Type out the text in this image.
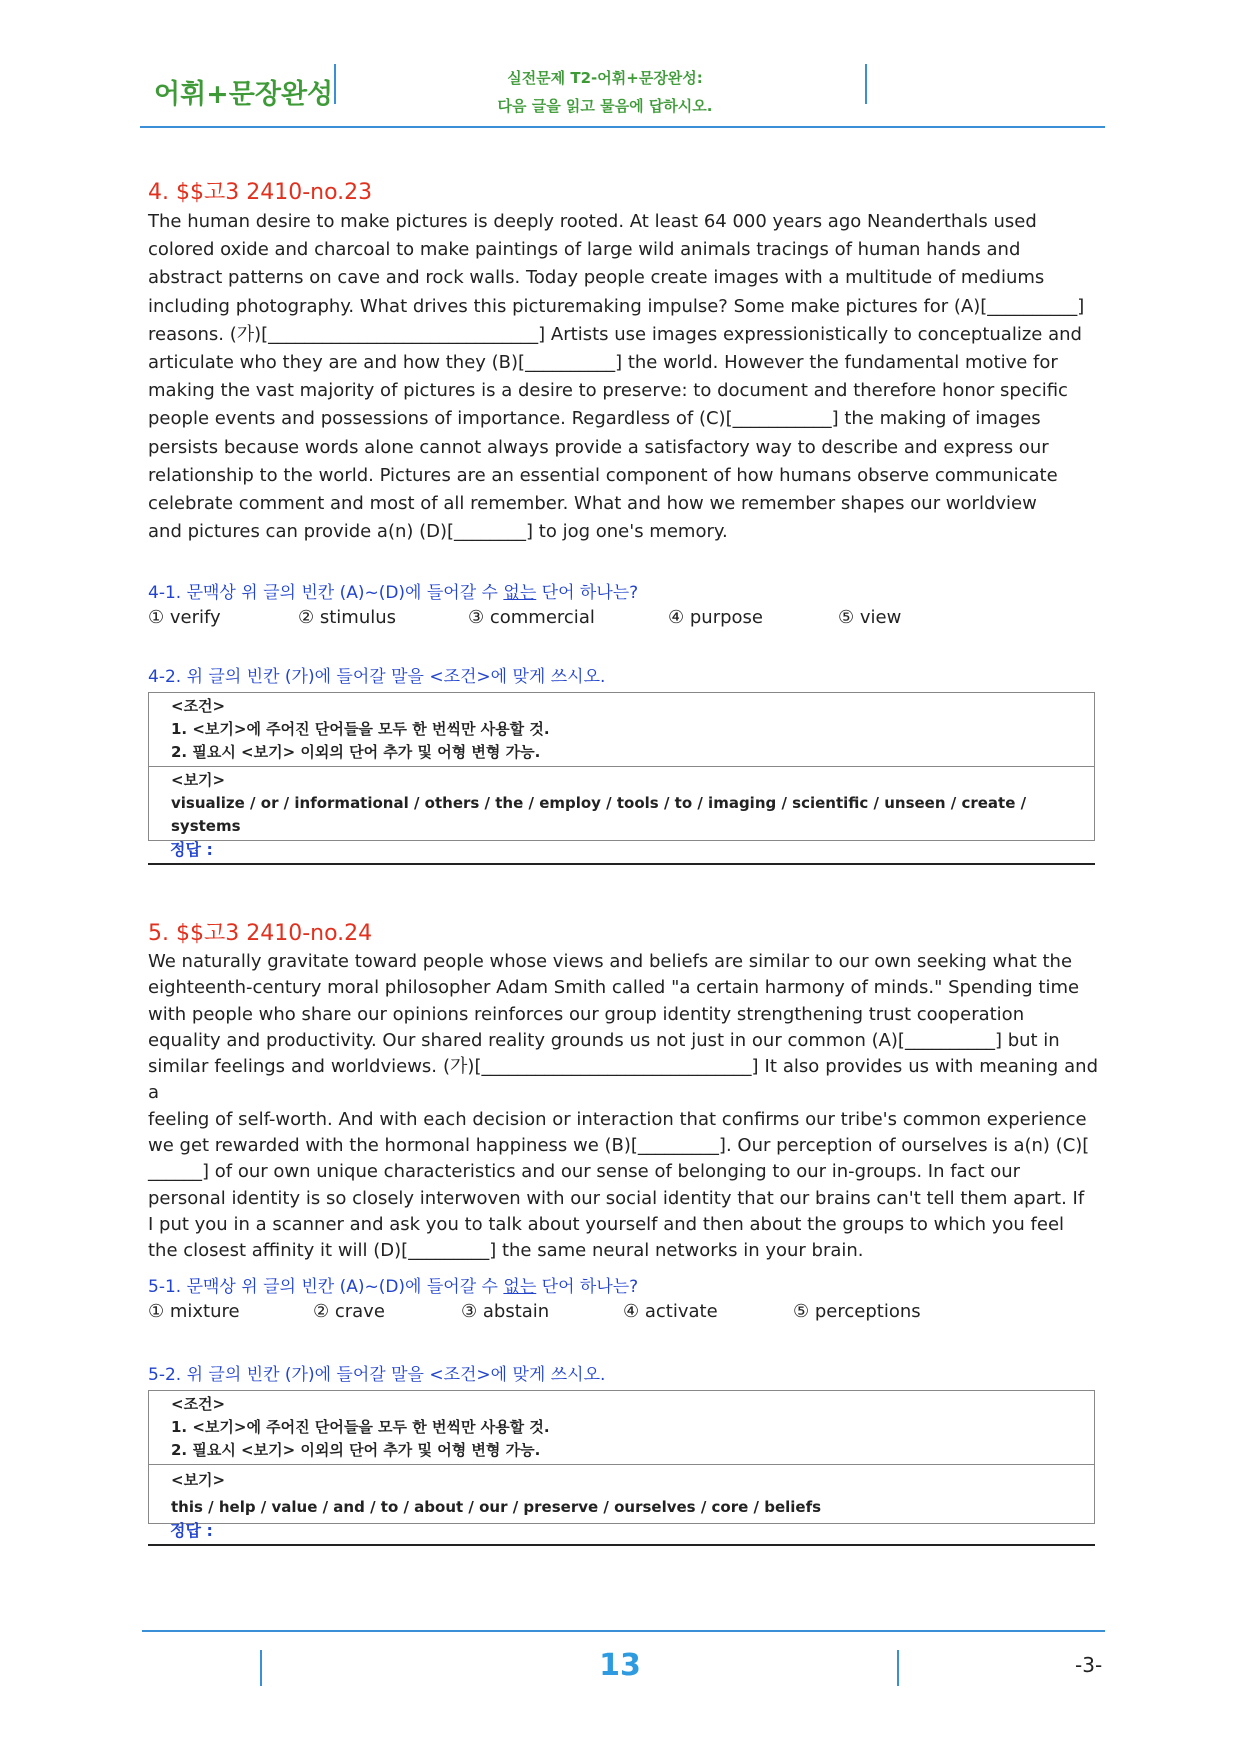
어휘+문장완성
실전문제 T2-어휘+문장완성:
다음 글을 읽고 물음에 답하시오.
4. $$고3 2410-no.23
The human desire to make pictures is deeply rooted. At least 64 000 years ago Neanderthals used
colored oxide and charcoal to make paintings of large wild animals tracings of human hands and
abstract patterns on cave and rock walls. Today people create images with a multitude of mediums
including photography. What drives this picturemaking impulse? Some make pictures for (A)[__________]
reasons. (가)[______________________________] Artists use images expressionistically to conceptualize and
articulate who they are and how they (B)[__________] the world. However the fundamental motive for
making the vast majority of pictures is a desire to preserve: to document and therefore honor specific
people events and possessions of importance. Regardless of (C)[___________] the making of images
persists because words alone cannot always provide a satisfactory way to describe and express our
relationship to the world. Pictures are an essential component of how humans observe communicate
celebrate comment and most of all remember. What and how we remember shapes our worldview
and pictures can provide a(n) (D)[________] to jog one's memory.
4-1. 문맥상 위 글의 빈칸 (A)~(D)에 들어갈 수 없는 단어 하나는?
① verify	② stimulus	③ commercial	④ purpose	⑤ view
4-2. 위 글의 빈칸 (가)에 들어갈 말을 <조건>에 맞게 쓰시오.
<조건>
1. <보기>에 주어진 단어들을 모두 한 번씩만 사용할 것.
2. 필요시 <보기> 이외의 단어 추가 및 어형 변형 가능.
<보기>
visualize / or / informational / others / the / employ / tools / to / imaging / scientific / unseen / create / systems
정답 :
5. $$고3 2410-no.24
We naturally gravitate toward people whose views and beliefs are similar to our own seeking what the
eighteenth-century moral philosopher Adam Smith called "a certain harmony of minds." Spending time
with people who share our opinions reinforces our group identity strengthening trust cooperation
equality and productivity. Our shared reality grounds us not just in our common (A)[__________] but in
similar feelings and worldviews. (가)[______________________________] It also provides us with meaning and a
feeling of self-worth. And with each decision or interaction that confirms our tribe's common experience
we get rewarded with the hormonal happiness we (B)[_________]. Our perception of ourselves is a(n) (C)[
______] of our own unique characteristics and our sense of belonging to our in-groups. In fact our
personal identity is so closely interwoven with our social identity that our brains can't tell them apart. If
I put you in a scanner and ask you to talk about yourself and then about the groups to which you feel
the closest affinity it will (D)[_________] the same neural networks in your brain.
5-1. 문맥상 위 글의 빈칸 (A)~(D)에 들어갈 수 없는 단어 하나는?
① mixture	② crave	③ abstain	④ activate	⑤ perceptions
5-2. 위 글의 빈칸 (가)에 들어갈 말을 <조건>에 맞게 쓰시오.
<조건>
1. <보기>에 주어진 단어들을 모두 한 번씩만 사용할 것.
2. 필요시 <보기> 이외의 단어 추가 및 어형 변형 가능.
<보기>
this / help / value / and / to / about / our / preserve / ourselves / core / beliefs
정답 :
13	-3-
